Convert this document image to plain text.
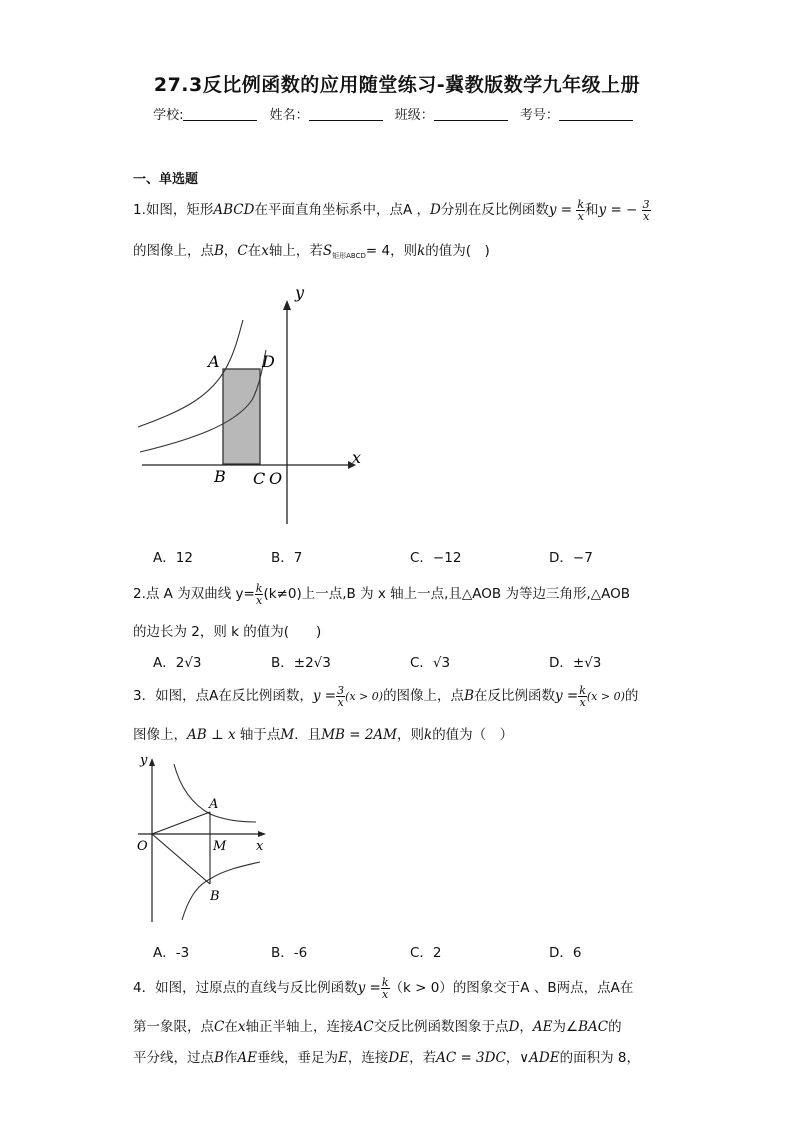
27.3反比例函数的应用随堂练习-冀教版数学九年级上册
学校:	姓名：	班级：	考号：
一、单选题
1.如图，矩形ABCD在平面直角坐标系中，点A ，D分别在反比例函数$y = \frac{k}{x}$ 和y = − $\frac{3}{x}$
的图像上，点B，C在x轴上，若$S_{矩形ABCD}= 4$，则k的值为(　)
y
x
A	D
B C O
A．12	B．7	C．−12	D．−7
2.点 A 为双曲线 $y= \frac{k}{x} (k\ne 0)$上一点,B 为 x 轴上一点,且△AOB 为等边三角形,△AOB
的边长为 2，则 k 的值为(　　)
A．2√3	B．±2√3	C．√3	D．±√3
3．如图，点A在反比例函数，$y = \frac{3}{x} (x > 0)$的图像上，点B在反比例函数$y = \frac{k}{x} (x > 0)$的
图像上，AB ⊥ x 轴于点M．且MB = 2AM，则k的值为（　）
y
x
A
B
O	M
A．-3	B．-6	C．2	D．6
4．如图，过原点的直线与反比例函数$y = \frac{k}{x} (k > 0)$的图象交于A 、B两点，点A在
第一象限，点C在x轴正半轴上，连接AC交反比例函数图象于点D，AE为∠BAC的
平分线，过点B作AE垂线，垂足为E，连接DE，若AC = 3DC，∨ADE的面积为 8，
